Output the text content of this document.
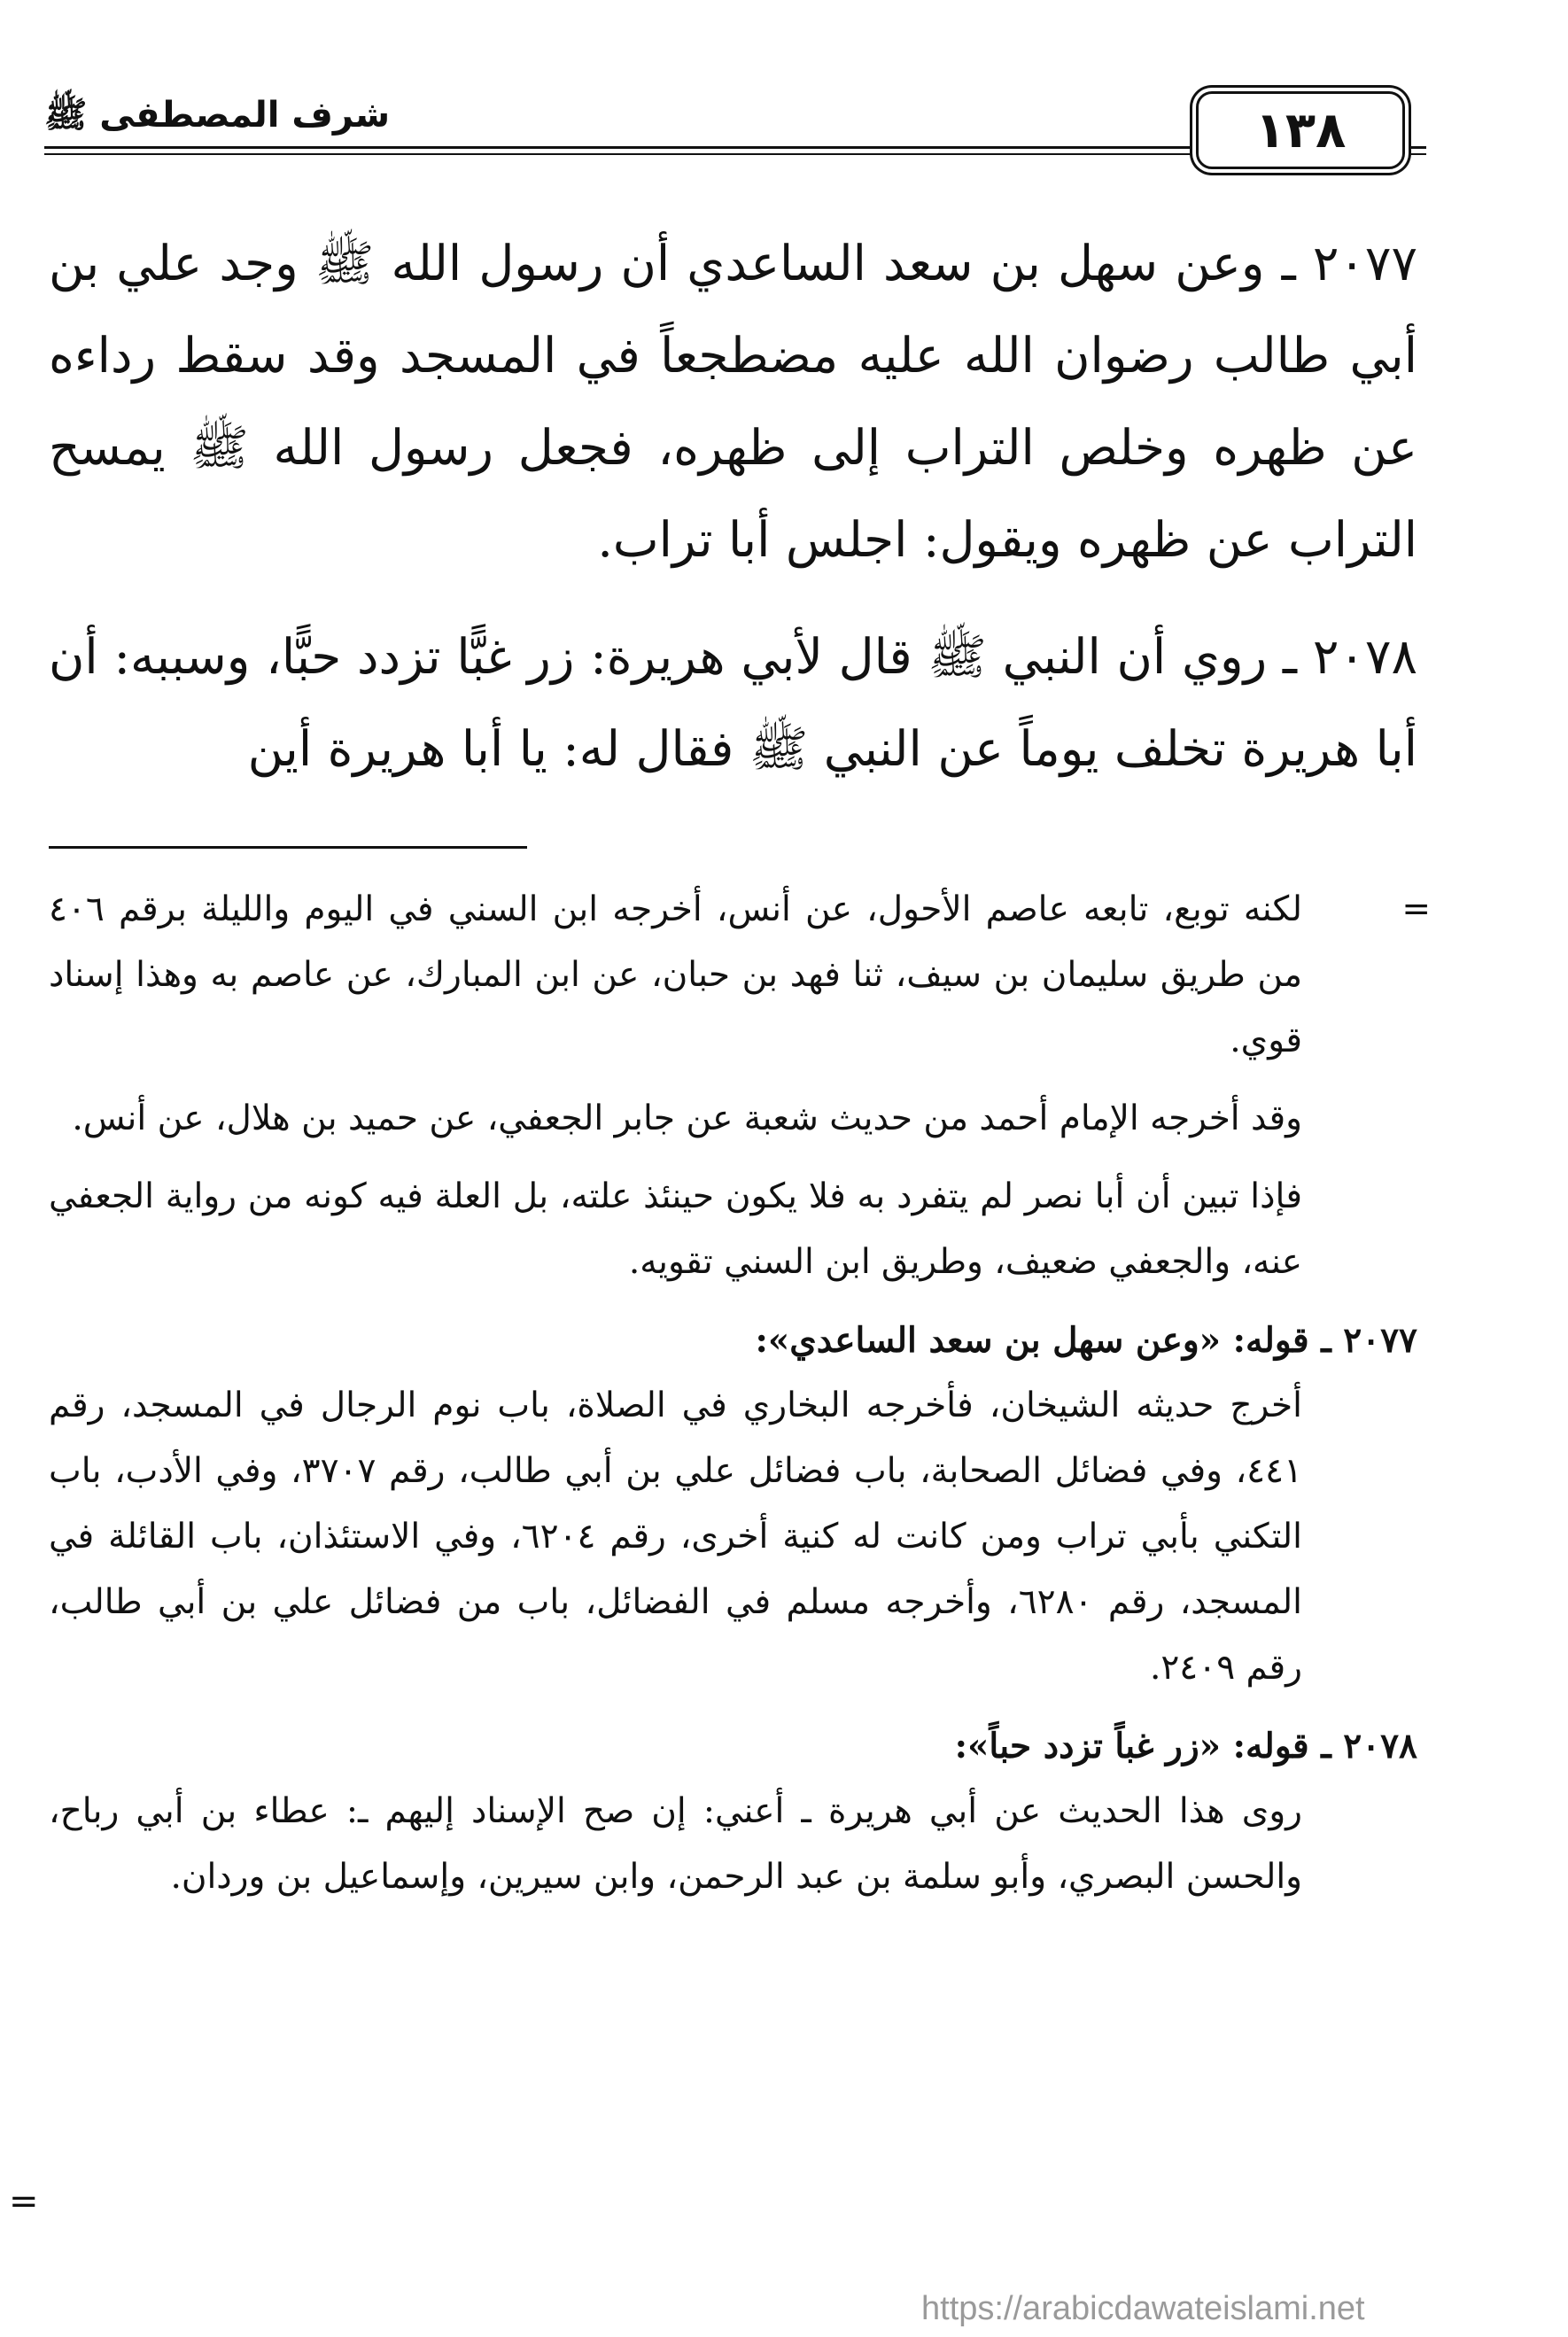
١٣٨
شرف المصطفى ﷺ

٢٠٧٧ ـ وعن سهل بن سعد الساعدي أن رسول الله ﷺ وجد علي بن أبي طالب رضوان الله عليه مضطجعاً في المسجد وقد سقط رداءه عن ظهره وخلص التراب إلى ظهره، فجعل رسول الله ﷺ يمسح التراب عن ظهره ويقول: اجلس أبا تراب.

٢٠٧٨ ـ روي أن النبي ﷺ قال لأبي هريرة: زر غبًّا تزدد حبًّا، وسببه: أن أبا هريرة تخلف يوماً عن النبي ﷺ فقال له: يا أبا هريرة أين

=
لكنه توبع، تابعه عاصم الأحول، عن أنس، أخرجه ابن السني في اليوم والليلة برقم ٤٠٦ من طريق سليمان بن سيف، ثنا فهد بن حبان، عن ابن المبارك، عن عاصم به وهذا إسناد قوي.

وقد أخرجه الإمام أحمد من حديث شعبة عن جابر الجعفي، عن حميد بن هلال، عن أنس.

فإذا تبين أن أبا نصر لم يتفرد به فلا يكون حينئذ علته، بل العلة فيه كونه من رواية الجعفي عنه، والجعفي ضعيف، وطريق ابن السني تقويه.

٢٠٧٧ ـ قوله: «وعن سهل بن سعد الساعدي»:

أخرج حديثه الشيخان، فأخرجه البخاري في الصلاة، باب نوم الرجال في المسجد، رقم ٤٤١، وفي فضائل الصحابة، باب فضائل علي بن أبي طالب، رقم ٣٧٠٧، وفي الأدب، باب التكني بأبي تراب ومن كانت له كنية أخرى، رقم ٦٢٠٤، وفي الاستئذان، باب القائلة في المسجد، رقم ٦٢٨٠، وأخرجه مسلم في الفضائل، باب من فضائل علي بن أبي طالب، رقم ٢٤٠٩.

٢٠٧٨ ـ قوله: «زر غباً تزدد حباً»:

روى هذا الحديث عن أبي هريرة ـ أعني: إن صح الإسناد إليهم ـ: عطاء بن أبي رباح، والحسن البصري، وأبو سلمة بن عبد الرحمن، وابن سيرين، وإسماعيل بن وردان.

=
https://arabicdawateislami.net
